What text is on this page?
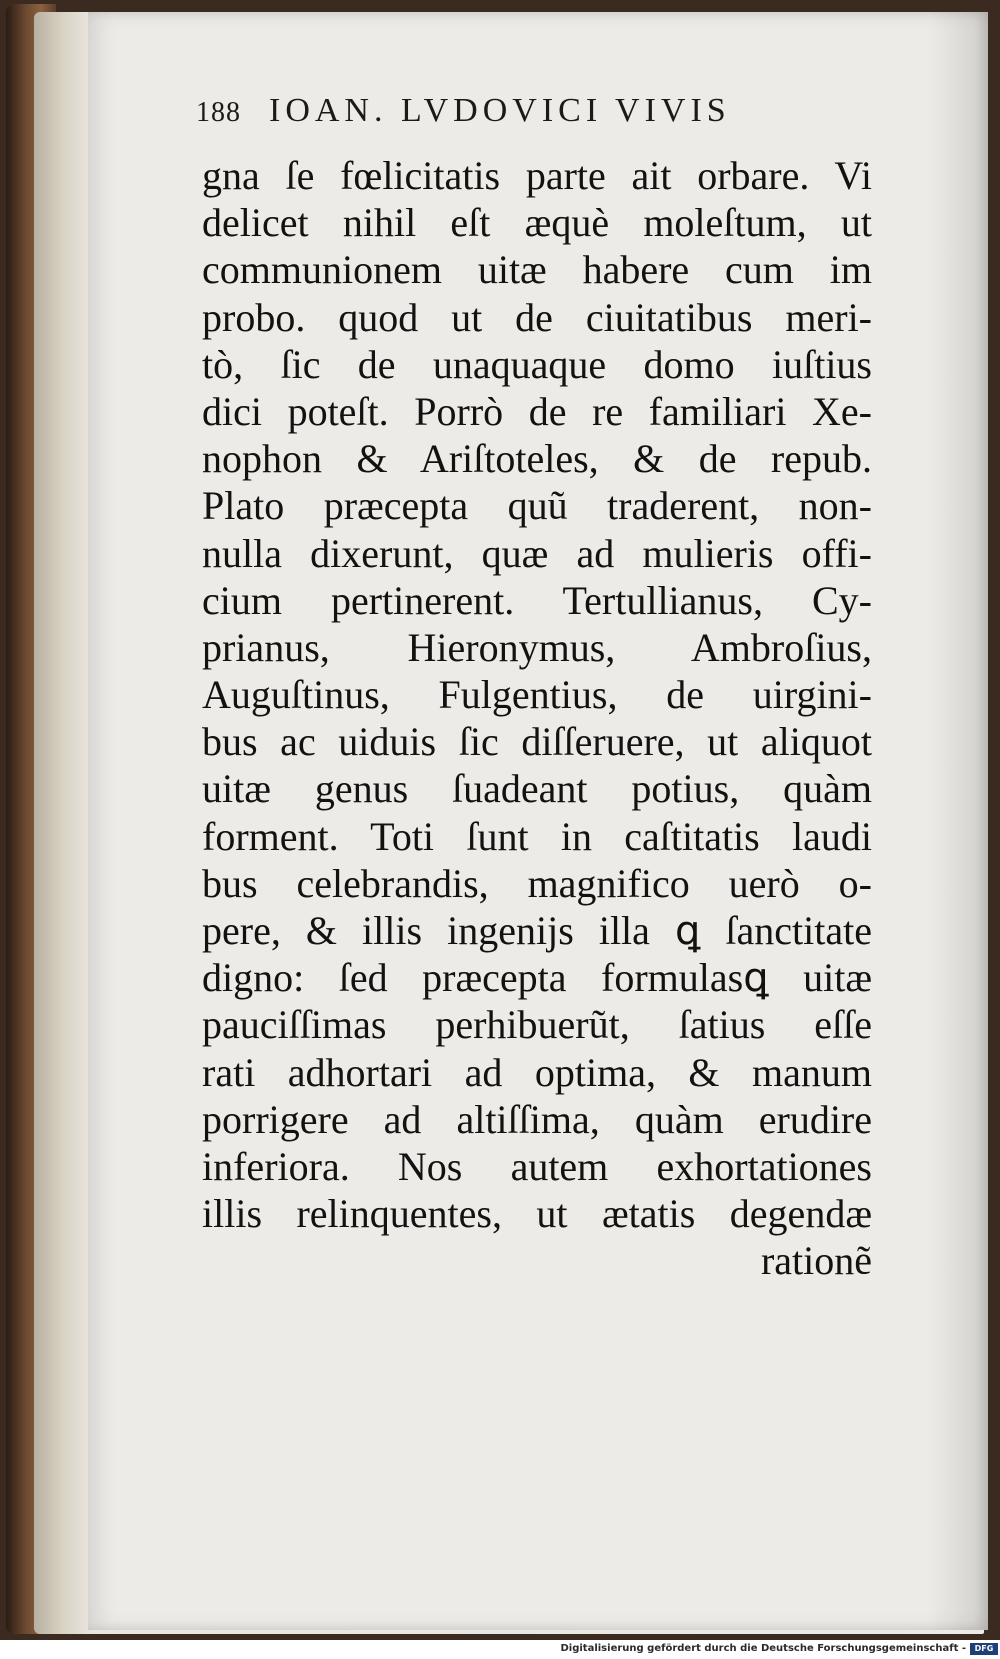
188 IOAN. LVDOVICI VIVIS
gna ſe fœlicitatis parte ait orbare. Vi
delicet nihil eſt æquè moleſtum, ut
communionem uitæ habere cum im
probo. quod ut de ciuitatibus meri-
tò, ſic de unaquaque domo iuſtius
dici poteſt. Porrò de re familiari Xe-
nophon & Ariſtoteles, & de repub.
Plato præcepta quũ traderent, non-
nulla dixerunt, quæ ad mulieris offi-
cium pertinerent. Tertullianus, Cy-
prianus, Hieronymus, Ambroſius,
Auguſtinus, Fulgentius, de uirgini-
bus ac uiduis ſic diſſeruere, ut aliquot
uitæ genus ſuadeant potius, quàm
forment. Toti ſunt in caſtitatis laudi
bus celebrandis, magnifico uerò o-
pere, & illis ingenijs illa ꝗ ſanctitate
digno: ſed præcepta formulasꝗ uitæ
pauciſſimas perhibuerũt, ſatius eſſe
rati adhortari ad optima, & manum
porrigere ad altiſſima, quàm erudire
inferiora. Nos autem exhortationes
illis relinquentes, ut ætatis degendæ
rationẽ
Digitalisierung gefördert durch die Deutsche Forschungsgemeinschaft -	DFG
